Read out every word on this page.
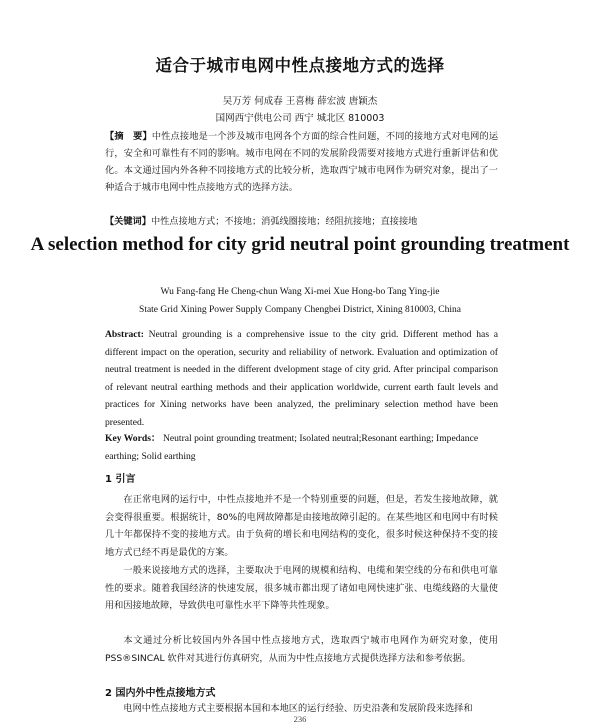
适合于城市电网中性点接地方式的选择
吴万芳 何成春 王喜梅 薛宏波 唐颖杰
国网西宁供电公司 西宁 城北区 810003
【摘　要】中性点接地是一个涉及城市电网各个方面的综合性问题，不同的接地方式对电网的运行，安全和可靠性有不同的影响。城市电网在不同的发展阶段需要对接地方式进行重新评估和优化。本文通过国内外各种不同接地方式的比较分析，选取西宁城市电网作为研究对象，提出了一种适合于城市电网中性点接地方式的选择方法。
【关键词】中性点接地方式；不接地；消弧线圈接地；经阻抗接地；直接接地
A selection method for city grid neutral point grounding treatment
Wu Fang-fang He Cheng-chun Wang Xi-mei Xue Hong-bo Tang Ying-jie
State Grid Xining Power Supply Company Chengbei District, Xining 810003, China
Abstract: Neutral grounding is a comprehensive issue to the city grid. Different method has a different impact on the operation, security and reliability of network. Evaluation and optimization of neutral treatment is needed in the different dvelopment stage of city grid. After principal comparison of relevant neutral earthing methods and their application worldwide, current earth fault levels and practices for Xining networks have been analyzed, the preliminary selection method have been presented.
Key Words： Neutral point grounding treatment; Isolated neutral;Resonant earthing; Impedance earthing; Solid earthing
1 引言
在正常电网的运行中，中性点接地并不是一个特别重要的问题，但是，若发生接地故障，就会变得很重要。根据统计，80%的电网故障都是由接地故障引起的。在某些地区和电网中有时候几十年都保持不变的接地方式。由于负荷的增长和电网结构的变化，很多时候这种保持不变的接地方式已经不再是最优的方案。
一般来说接地方式的选择，主要取决于电网的规模和结构、电缆和架空线的分布和供电可靠性的要求。随着我国经济的快速发展，很多城市都出现了诸如电网快速扩张、电缆线路的大量使用和因接地故障，导致供电可靠性水平下降等共性现象。
本文通过分析比较国内外各国中性点接地方式，选取西宁城市电网作为研究对象，使用PSS®SINCAL 软件对其进行仿真研究，从而为中性点接地方式提供选择方法和参考依据。
2 国内外中性点接地方式
电网中性点接地方式主要根据本国和本地区的运行经验、历史沿袭和发展阶段来选择和
236
